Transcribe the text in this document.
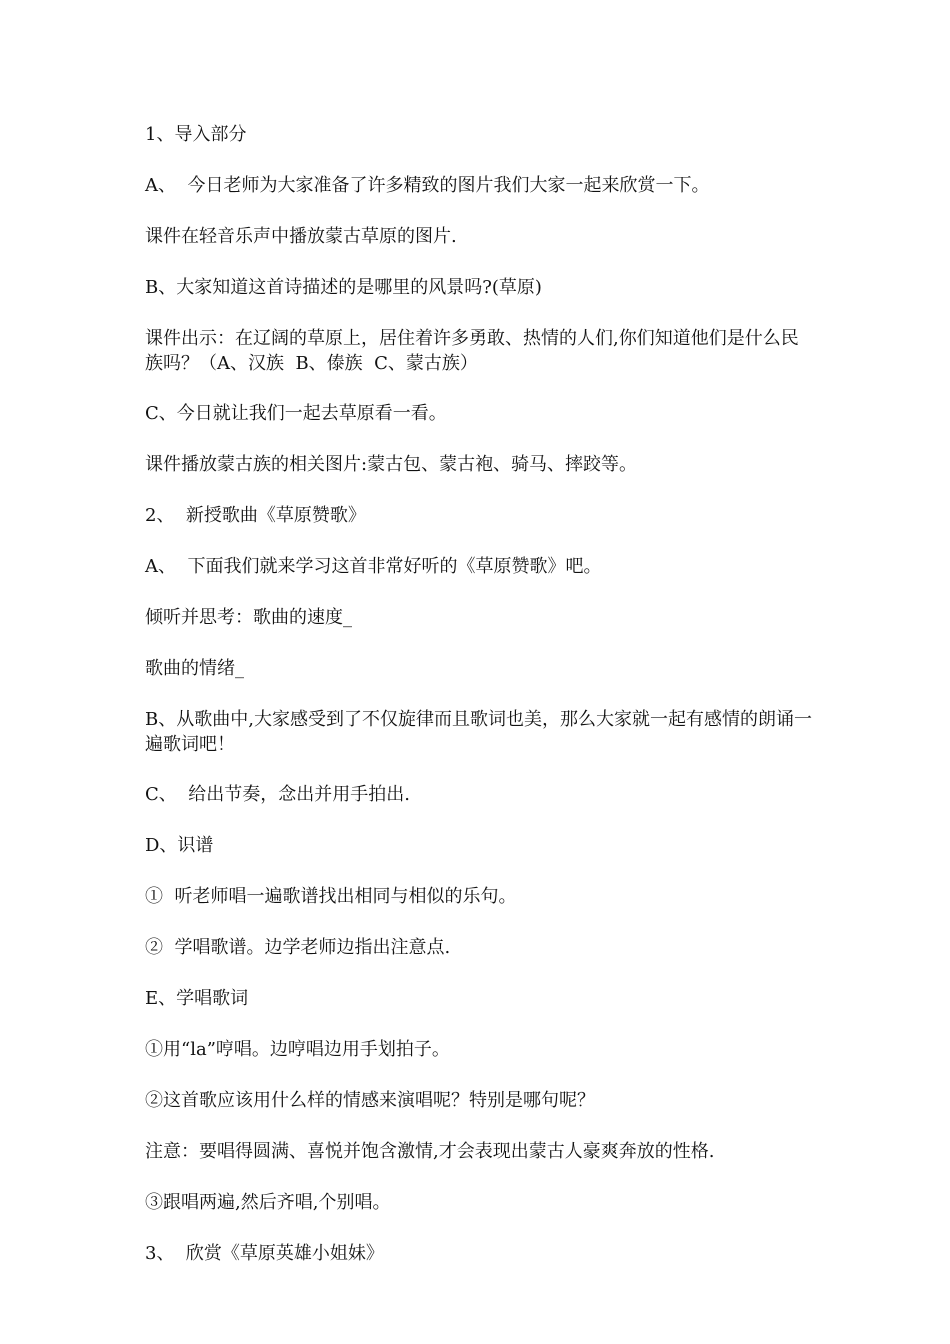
1、导入部分

A、  今日老师为大家准备了许多精致的图片我们大家一起来欣赏一下。

课件在轻音乐声中播放蒙古草原的图片.

B、大家知道这首诗描述的是哪里的风景吗?(草原)

课件出示：在辽阔的草原上，居住着许多勇敢、热情的人们,你们知道他们是什么民族吗？（A、汉族  B、傣族  C、蒙古族）

C、今日就让我们一起去草原看一看。

课件播放蒙古族的相关图片:蒙古包、蒙古袍、骑马、摔跤等。

2、  新授歌曲《草原赞歌》

A、  下面我们就来学习这首非常好听的《草原赞歌》吧。

倾听并思考：歌曲的速度_

歌曲的情绪_

B、从歌曲中,大家感受到了不仅旋律而且歌词也美，那么大家就一起有感情的朗诵一遍歌词吧！

C、  给出节奏，念出并用手拍出.

D、识谱

①  听老师唱一遍歌谱找出相同与相似的乐句。

②  学唱歌谱。边学老师边指出注意点.

E、学唱歌词

①用“la”哼唱。边哼唱边用手划拍子。

②这首歌应该用什么样的情感来演唱呢？特别是哪句呢？

注意：要唱得圆满、喜悦并饱含激情,才会表现出蒙古人豪爽奔放的性格.

③跟唱两遍,然后齐唱,个别唱。

3、  欣赏《草原英雄小姐妹》
